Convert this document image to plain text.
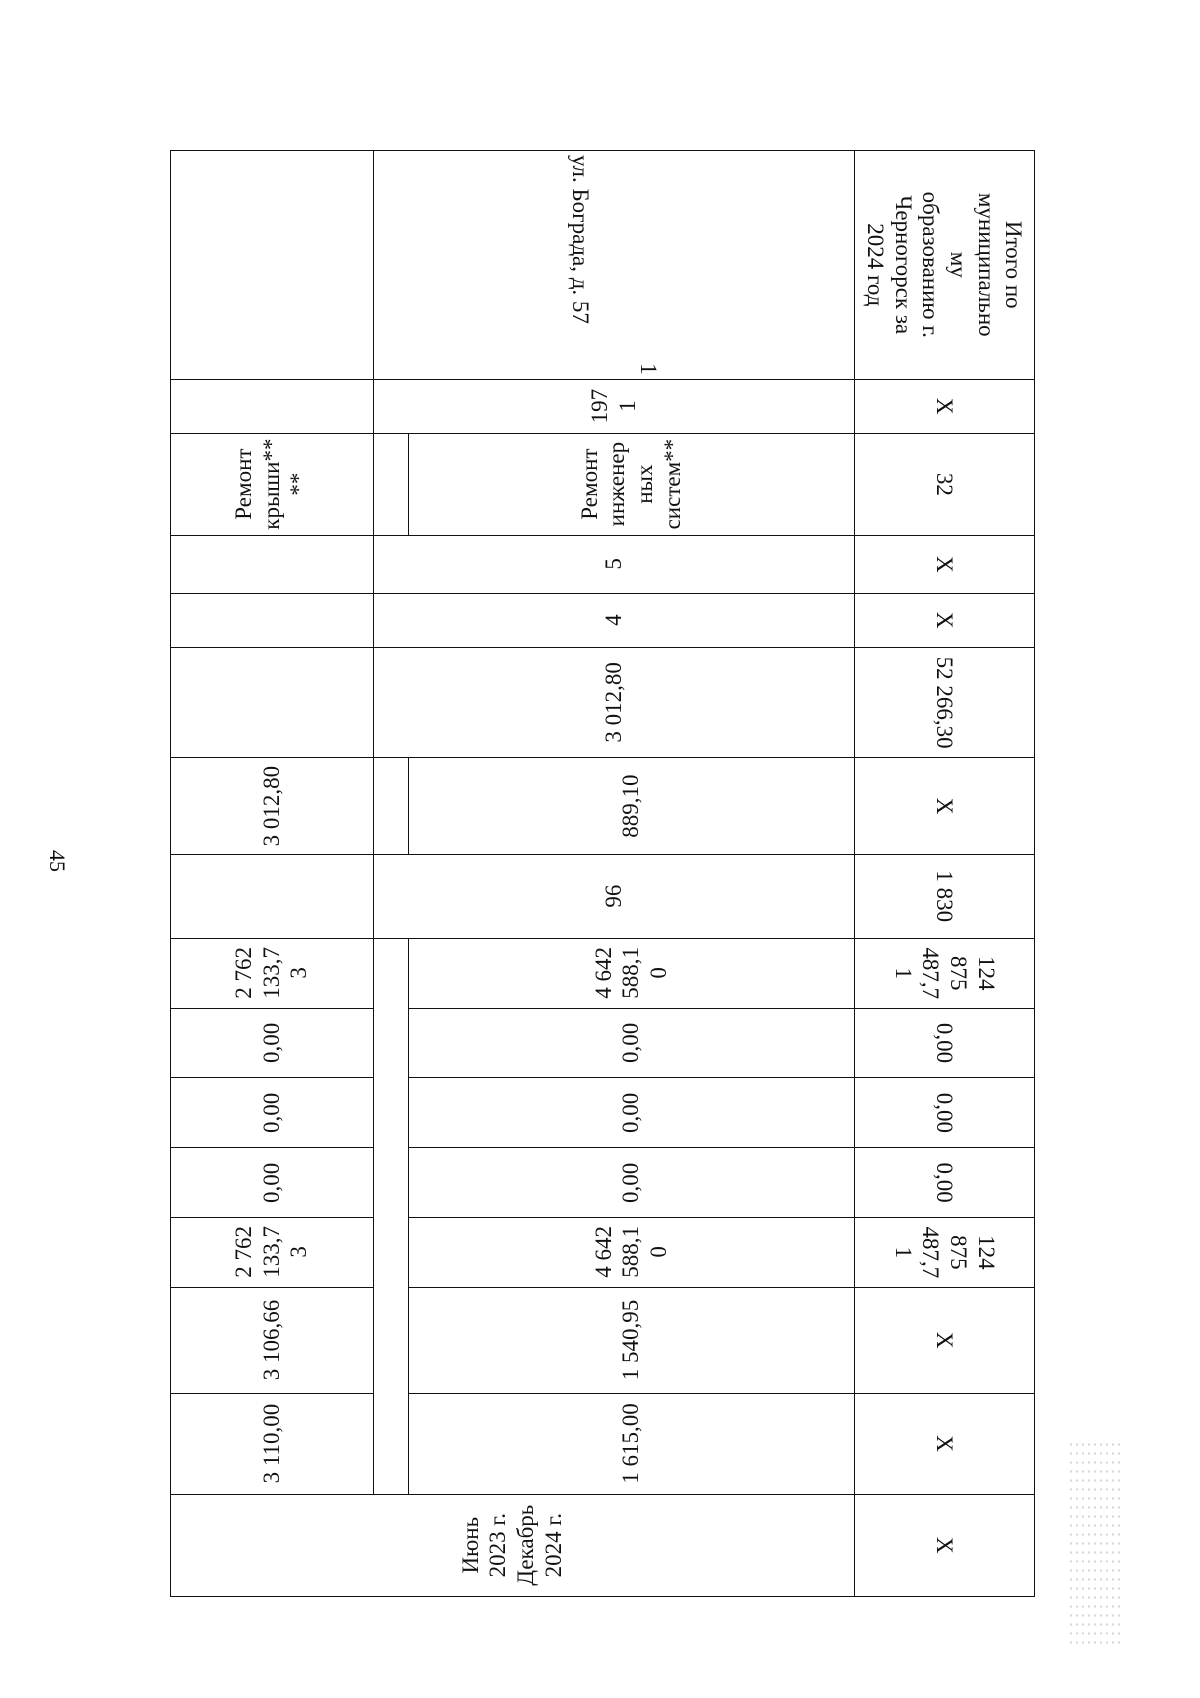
45
Итого по муниципальному образованию г. Черногорск за 2024 год	X	32	X	X	52 266,30	X	1 830	124 875 487,71	0,00	0,00	0,00	124 875 487,71	X	X	X

1
ул. Бограда, д. 57	1971	Ремонт инженерных систем**	5	4	3 012,80	889,10	96	4 642 588,10	0,00	0,00	0,00	4 642 588,10	1 540,95	1 615,00	Июнь 2023 г. Декабрь 2024 г.

		Ремонт крыши****				3 012,80		2 762 133,73	0,00	0,00	0,00	2 762 133,73	3 106,66	3 110,00	
